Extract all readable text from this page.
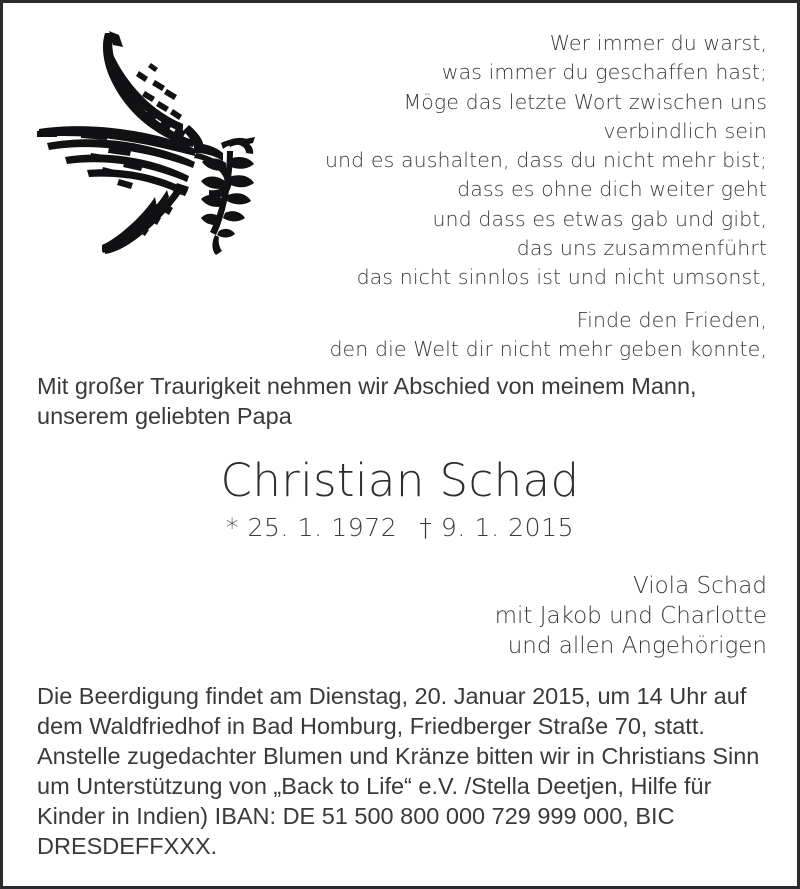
Wer immer du warst,
was immer du geschaffen hast;
Möge das letzte Wort zwischen uns
verbindlich sein
und es aushalten, dass du nicht mehr bist;
dass es ohne dich weiter geht
und dass es etwas gab und gibt,
das uns zusammenführt
das nicht sinnlos ist und nicht umsonst,
Finde den Frieden,
den die Welt dir nicht mehr geben konnte,

Mit großer Traurigkeit nehmen wir Abschied von meinem Mann, unserem geliebten Papa

Christian Schad
* 25. 1. 1972 † 9. 1. 2015
Viola Schad
mit Jakob und Charlotte
und allen Angehörigen

Die Beerdigung findet am Dienstag, 20. Januar 2015, um 14 Uhr auf dem Waldfriedhof in Bad Homburg, Friedberger Straße 70, statt. Anstelle zugedachter Blumen und Kränze bitten wir in Christians Sinn um Unterstützung von „Back to Life“ e.V. /Stella Deetjen, Hilfe für Kinder in Indien) IBAN: DE 51 500 800 000 729 999 000, BIC DRESDEFFXXX.
